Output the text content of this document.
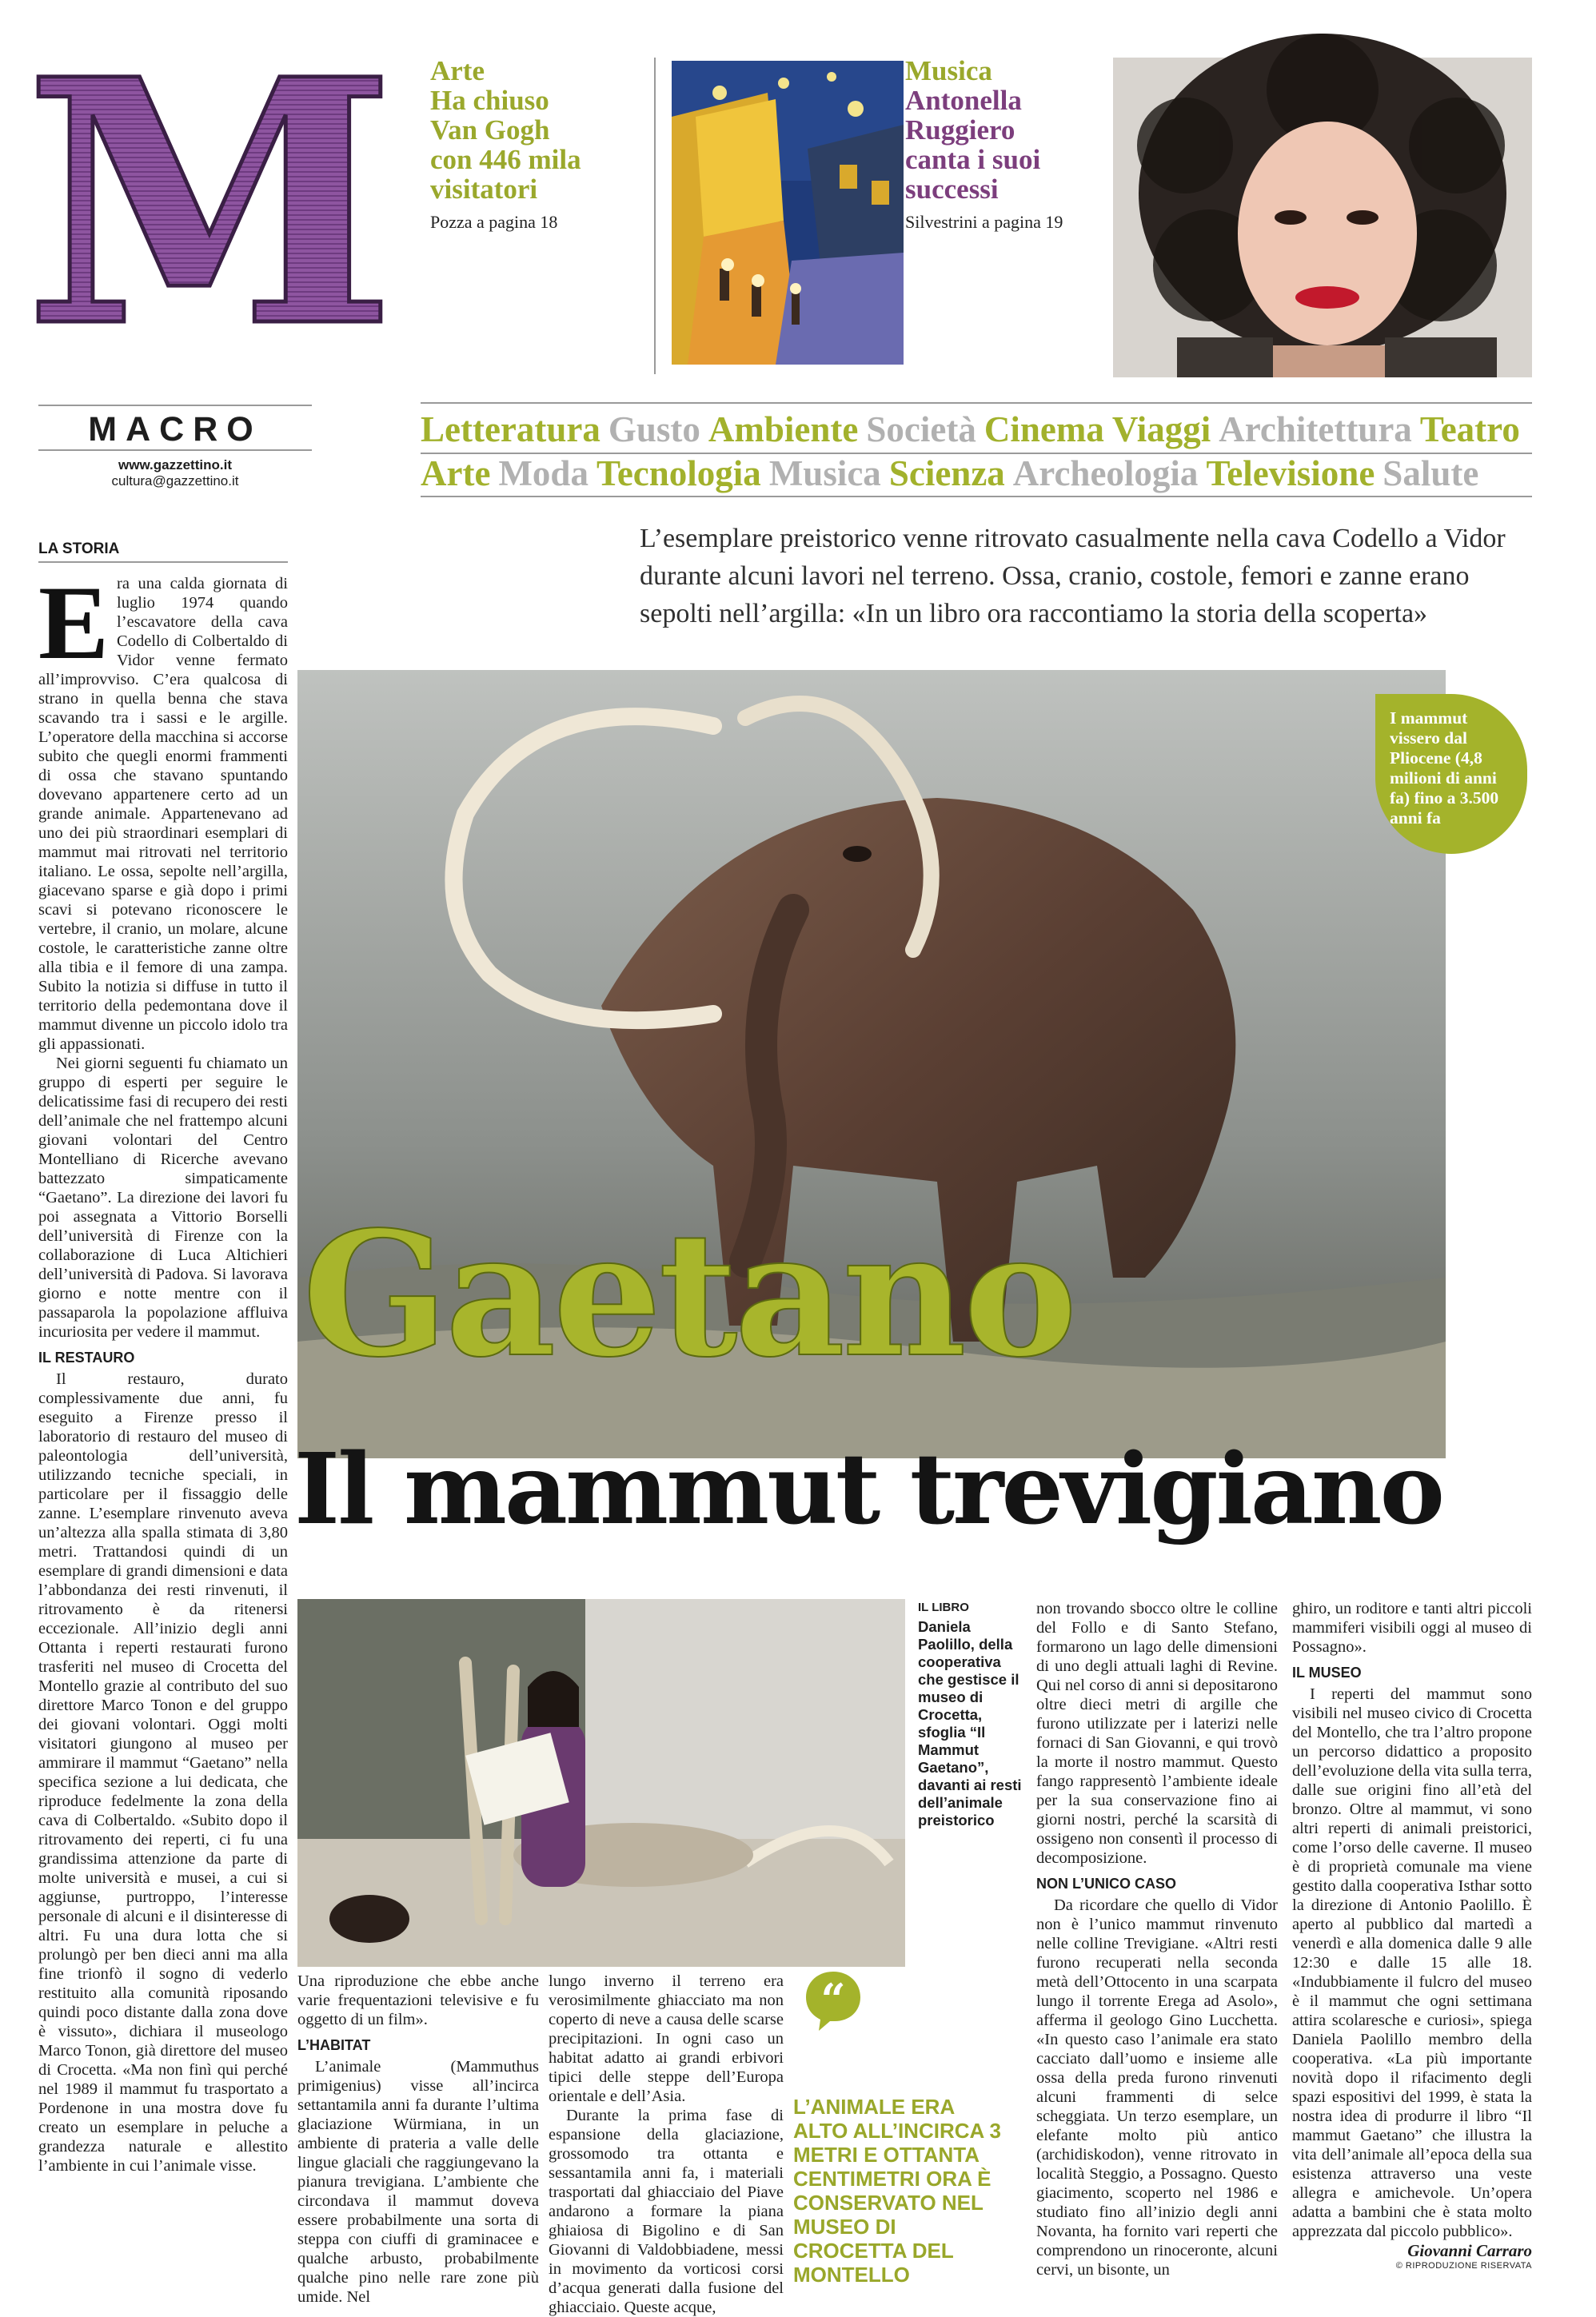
M Arte
Ha chiuso Van Gogh con 446 mila visitatori
Pozza a pagina 18
Musica
Antonella Ruggiero canta i suoi successi
Silvestrini a pagina 19
MACRO
www.gazzettino.it
cultura@gazzettino.it
Letteratura Gusto Ambiente Società Cinema Viaggi Architettura Teatro
Arte Moda Tecnologia Musica Scienza Archeologia Televisione Salute
L’esemplare preistorico venne ritrovato casualmente nella cava Codello a Vidor durante alcuni lavori nel terreno. Ossa, cranio, costole, femori e zanne erano sepolti nell’argilla: «In un libro ora raccontiamo la storia della scoperta»
I mammut vissero dal Pliocene (4,8 milioni di anni fa) fino a 3.500 anni fa
Gaetano
Il mammut trevigiano
LA STORIA
E ra una calda giornata di luglio 1974 quando l’escavatore della cava Codello di Colbertaldo di Vidor venne fermato all’improvviso. C’era qualcosa di strano in quella benna che stava scavando tra i sassi e le argille. L’operatore della macchina si accorse subito che quegli enormi frammenti di ossa che stavano spuntando dovevano appartenere certo ad un grande animale. Appartenevano ad uno dei più straordinari esemplari di mammut mai ritrovati nel territorio italiano. Le ossa, sepolte nell’argilla, giacevano sparse e già dopo i primi scavi si potevano riconoscere le vertebre, il cranio, un molare, alcune costole, le caratteristiche zanne oltre alla tibia e il femore di una zampa. Subito la notizia si diffuse in tutto il territorio della pedemontana dove il mammut divenne un piccolo idolo tra gli appassionati.

Nei giorni seguenti fu chiamato un gruppo di esperti per seguire le delicatissime fasi di recupero dei resti dell’animale che nel frattempo alcuni giovani volontari del Centro Montelliano di Ricerche avevano battezzato simpaticamente “Gaetano”. La direzione dei lavori fu poi assegnata a Vittorio Borselli dell’università di Firenze con la collaborazione di Luca Altichieri dell’università di Padova. Si lavorava giorno e notte mentre con il passaparola la popolazione affluiva incuriosita per vedere il mammut.

IL RESTAURO

Il restauro, durato complessivamente due anni, fu eseguito a Firenze presso il laboratorio di restauro del museo di paleontologia dell’università, utilizzando tecniche speciali, in particolare per il fissaggio delle zanne. L’esemplare rinvenuto aveva un’altezza alla spalla stimata di 3,80 metri. Trattandosi quindi di un esemplare di grandi dimensioni e data l’abbondanza dei resti rinvenuti, il ritrovamento è da ritenersi eccezionale. All’inizio degli anni Ottanta i reperti restaurati furono trasferiti nel museo di Crocetta del Montello grazie al contributo del suo direttore Marco Tonon e del gruppo dei giovani volontari. Oggi molti visitatori giungono al museo per ammirare il mammut “Gaetano” nella specifica sezione a lui dedicata, che riproduce fedelmente la zona della cava di Colbertaldo. «Subito dopo il ritrovamento dei reperti, ci fu una grandissima attenzione da parte di molte università e musei, a cui si aggiunse, purtroppo, l’interesse personale di alcuni e il disinteresse di altri. Fu una dura lotta che si prolungò per ben dieci anni ma alla fine trionfò il sogno di vederlo restituito alla comunità riposando quindi poco distante dalla zona dove è vissuto», dichiara il museologo Marco Tonon, già direttore del museo di Crocetta. «Ma non finì qui perché nel 1989 il mammut fu trasportato a Pordenone in una mostra dove fu creato un esemplare in peluche a grandezza naturale e allestito l’ambiente in cui l’animale visse.

IL LIBRO
Daniela Paolillo, della cooperativa che gestisce il museo di Crocetta, sfoglia “Il Mammut Gaetano”, davanti ai resti dell’animale preistorico

Una riproduzione che ebbe anche varie frequentazioni televisive e fu oggetto di un film».

L’HABITAT

L’animale (Mammuthus primigenius) visse all’incirca settantamila anni fa durante l’ultima glaciazione Würmiana, in un ambiente di prateria a valle delle lingue glaciali che raggiungevano la pianura trevigiana. L’ambiente che circondava il mammut doveva essere probabilmente una sorta di steppa con ciuffi di graminacee e qualche arbusto, probabilmente qualche pino nelle rare zone più umide. Nel

lungo inverno il terreno era verosimilmente ghiacciato ma non coperto di neve a causa delle scarse precipitazioni. In ogni caso un habitat adatto ai grandi erbivori tipici delle steppe dell’Europa orientale e dell’Asia.

Durante la prima fase di espansione della glaciazione, grossomodo tra ottanta e sessantamila anni fa, i materiali trasportati dal ghiacciaio del Piave andarono a formare la piana ghiaiosa di Bigolino e di San Giovanni di Valdobbiadene, messi in movimento da vorticosi corsi d’acqua generati dalla fusione del ghiacciaio. Queste acque,

“
L’ANIMALE ERA ALTO ALL’INCIRCA 3 METRI E OTTANTA CENTIMETRI ORA È CONSERVATO NEL MUSEO DI CROCETTA DEL MONTELLO

non trovando sbocco oltre le colline del Follo e di Santo Stefano, formarono un lago delle dimensioni di uno degli attuali laghi di Revine. Qui nel corso di anni si depositarono oltre dieci metri di argille che furono utilizzate per i laterizi nelle fornaci di San Giovanni, e qui trovò la morte il nostro mammut. Questo fango rappresentò l’ambiente ideale per la sua conservazione fino ai giorni nostri, perché la scarsità di ossigeno non consentì il processo di decomposizione.

NON L’UNICO CASO

Da ricordare che quello di Vidor non è l’unico mammut rinvenuto nelle colline Trevigiane. «Altri resti furono recuperati nella seconda metà dell’Ottocento in una scarpata lungo il torrente Erega ad Asolo», afferma il geologo Gino Lucchetta. «In questo caso l’animale era stato cacciato dall’uomo e insieme alle ossa della preda furono rinvenuti alcuni frammenti di selce scheggiata. Un terzo esemplare, un elefante molto più antico (archidiskodon), venne ritrovato in località Steggio, a Possagno. Questo giacimento, scoperto nel 1986 e studiato fino all’inizio degli anni Novanta, ha fornito vari reperti che comprendono un rinoceronte, alcuni cervi, un bisonte, un

ghiro, un roditore e tanti altri piccoli mammiferi visibili oggi al museo di Possagno».

IL MUSEO

I reperti del mammut sono visibili nel museo civico di Crocetta del Montello, che tra l’altro propone un percorso didattico a proposito dell’evoluzione della vita sulla terra, dalle sue origini fino all’età del bronzo. Oltre al mammut, vi sono altri reperti di animali preistorici, come l’orso delle caverne. Il museo è di proprietà comunale ma viene gestito dalla cooperativa Isthar sotto la direzione di Antonio Paolillo. È aperto al pubblico dal martedì a venerdì e alla domenica dalle 9 alle 12:30 e dalle 15 alle 18. «Indubbiamente il fulcro del museo è il mammut che ogni settimana attira scolaresche e curiosi», spiega Daniela Paolillo membro della cooperativa. «La più importante novità dopo il rifacimento degli spazi espositivi del 1999, è stata la nostra idea di produrre il libro “Il mammut Gaetano” che illustra la vita dell’animale all’epoca della sua esistenza attraverso una veste allegra e amichevole. Un’opera adatta a bambini che è stata molto apprezzata dal piccolo pubblico».

Giovanni Carraro
© RIPRODUZIONE RISERVATA
